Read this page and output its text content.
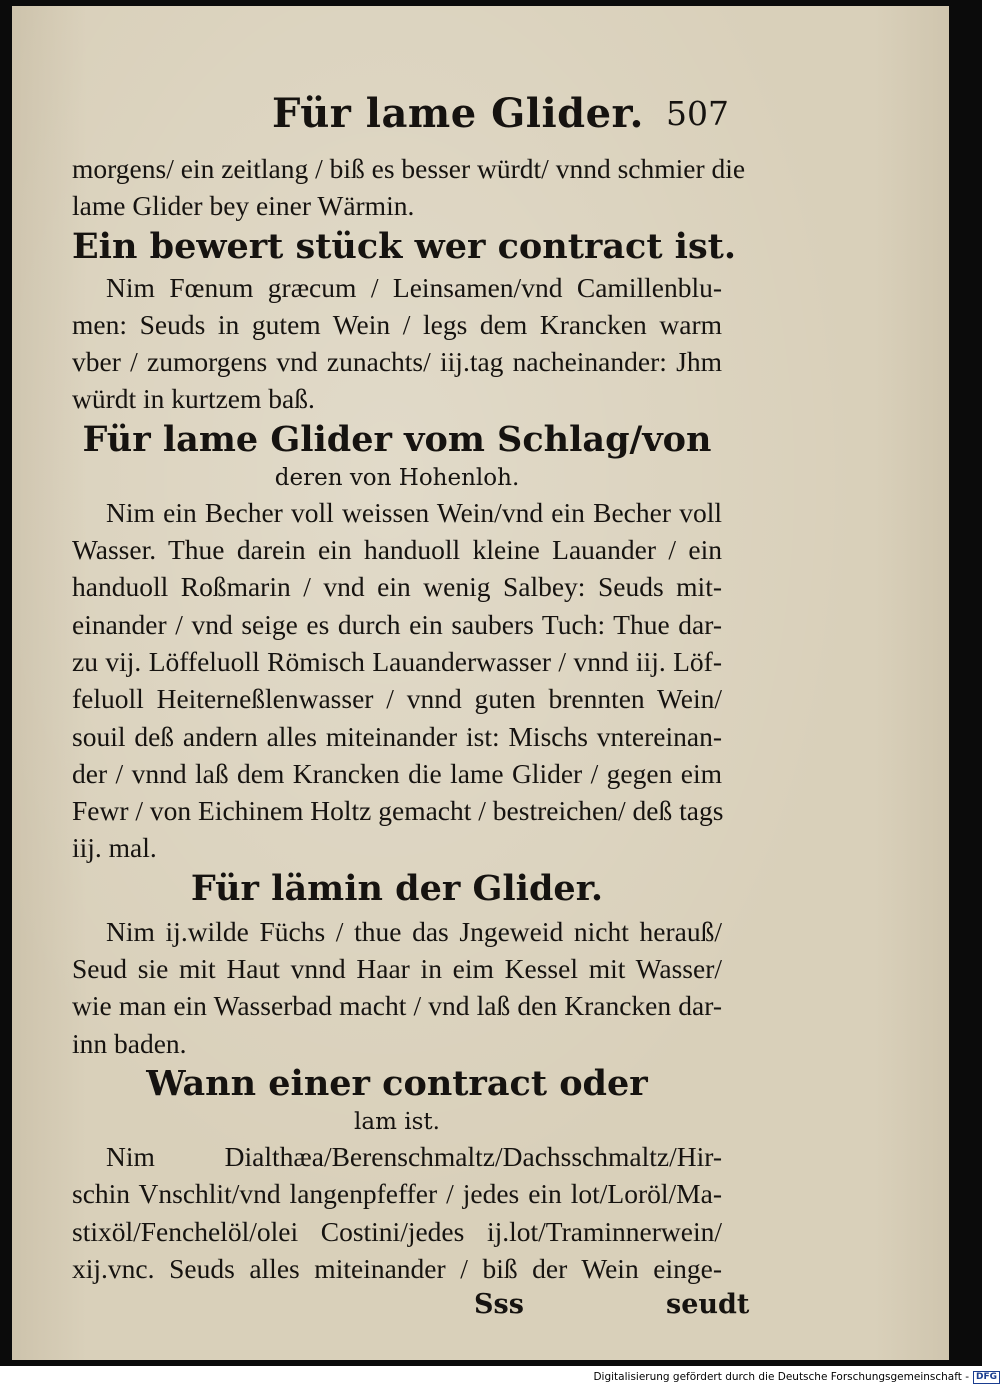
Für lame Glider. 507
morgens/ ein zeitlang / biß es besser würdt/ vnnd schmier die
lame Glider bey einer Wärmin.
Ein bewert stück wer contract ist.
Nim Fœnum græcum / Leinsamen/vnd Camillenblu-
men: Seuds in gutem Wein / legs dem Krancken warm
vber / zumorgens vnd zunachts/ iij.tag nacheinander: Jhm
würdt in kurtzem baß.
Für lame Glider vom Schlag/von
deren von Hohenloh.
Nim ein Becher voll weissen Wein/vnd ein Becher voll
Wasser. Thue darein ein handuoll kleine Lauander / ein
handuoll Roßmarin / vnd ein wenig Salbey: Seuds mit-
einander / vnd seige es durch ein saubers Tuch: Thue dar-
zu vij. Löffeluoll Römisch Lauanderwasser / vnnd iij. Löf-
feluoll Heiterneßlenwasser / vnnd guten brennten Wein/
souil deß andern alles miteinander ist: Mischs vntereinan-
der / vnnd laß dem Krancken die lame Glider / gegen eim
Fewr / von Eichinem Holtz gemacht / bestreichen/ deß tags
iij. mal.
Für lämin der Glider.
Nim ij.wilde Füchs / thue das Jngeweid nicht herauß/
Seud sie mit Haut vnnd Haar in eim Kessel mit Wasser/
wie man ein Wasserbad macht / vnd laß den Krancken dar-
inn baden.
Wann einer contract oder
lam ist.
Nim Dialthæa/Berenschmaltz/Dachsschmaltz/Hir-
schin Vnschlit/vnd langenpfeffer / jedes ein lot/Loröl/Ma-
stixöl/Fenchelöl/olei Costini/jedes ij.lot/Traminnerwein/
xij.vnc. Seuds alles miteinander / biß der Wein einge-
Sss	seudt
Digitalisierung gefördert durch die Deutsche Forschungsgemeinschaft - DFG
